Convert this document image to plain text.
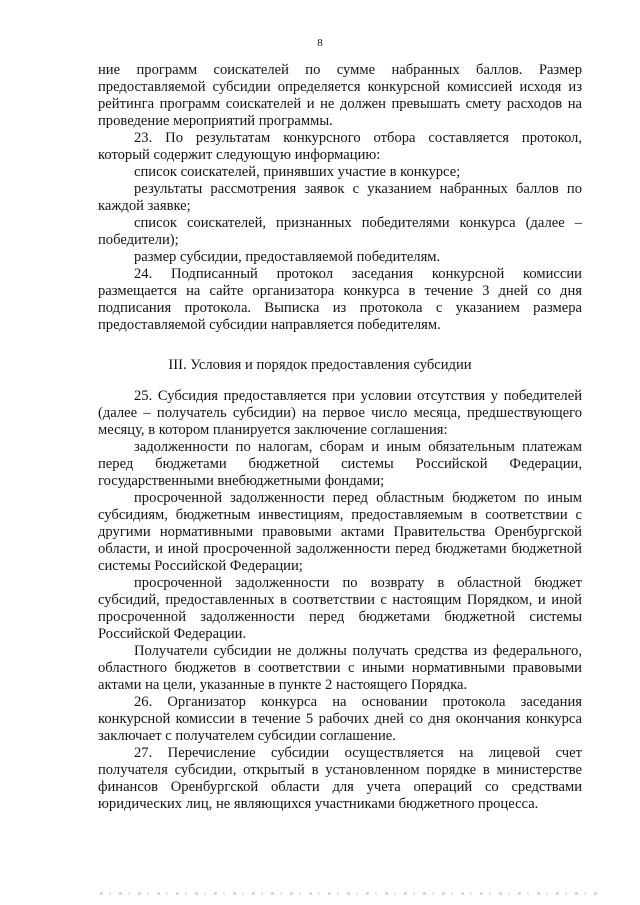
8
ние программ соискателей по сумме набранных баллов. Размер
предоставляемой субсидии определяется конкурсной комиссией исходя из
рейтинга программ соискателей и не должен превышать смету расходов на
проведение мероприятий программы.
23. По результатам конкурсного отбора составляется протокол,
который содержит следующую информацию:
список соискателей, принявших участие в конкурсе;
результаты рассмотрения заявок с указанием набранных баллов по
каждой заявке;
список соискателей, признанных победителями конкурса (далее –
победители);
размер субсидии, предоставляемой победителям.
24. Подписанный протокол заседания конкурсной комиссии
размещается на сайте организатора конкурса в течение 3 дней со дня
подписания протокола. Выписка из протокола с указанием размера
предоставляемой субсидии направляется победителям.
III. Условия и порядок предоставления субсидии
25. Субсидия предоставляется при условии отсутствия у победителей
(далее – получатель субсидии) на первое число месяца, предшествующего
месяцу, в котором планируется заключение соглашения:
задолженности по налогам, сборам и иным обязательным платежам
перед бюджетами бюджетной системы Российской Федерации,
государственными внебюджетными фондами;
просроченной задолженности перед областным бюджетом по иным
субсидиям, бюджетным инвестициям, предоставляемым в соответствии с
другими нормативными правовыми актами Правительства Оренбургской
области, и иной просроченной задолженности перед бюджетами бюджетной
системы Российской Федерации;
просроченной задолженности по возврату в областной бюджет
субсидий, предоставленных в соответствии с настоящим Порядком, и иной
просроченной задолженности перед бюджетами бюджетной системы
Российской Федерации.
Получатели субсидии не должны получать средства из федерального,
областного бюджетов в соответствии с иными нормативными правовыми
актами на цели, указанные в пункте 2 настоящего Порядка.
26. Организатор конкурса на основании протокола заседания
конкурсной комиссии в течение 5 рабочих дней со дня окончания конкурса
заключает с получателем субсидии соглашение.
27. Перечисление субсидии осуществляется на лицевой счет
получателя субсидии, открытый в установленном порядке в министерстве
финансов Оренбургской области для учета операций со средствами
юридических лиц, не являющихся участниками бюджетного процесса.
